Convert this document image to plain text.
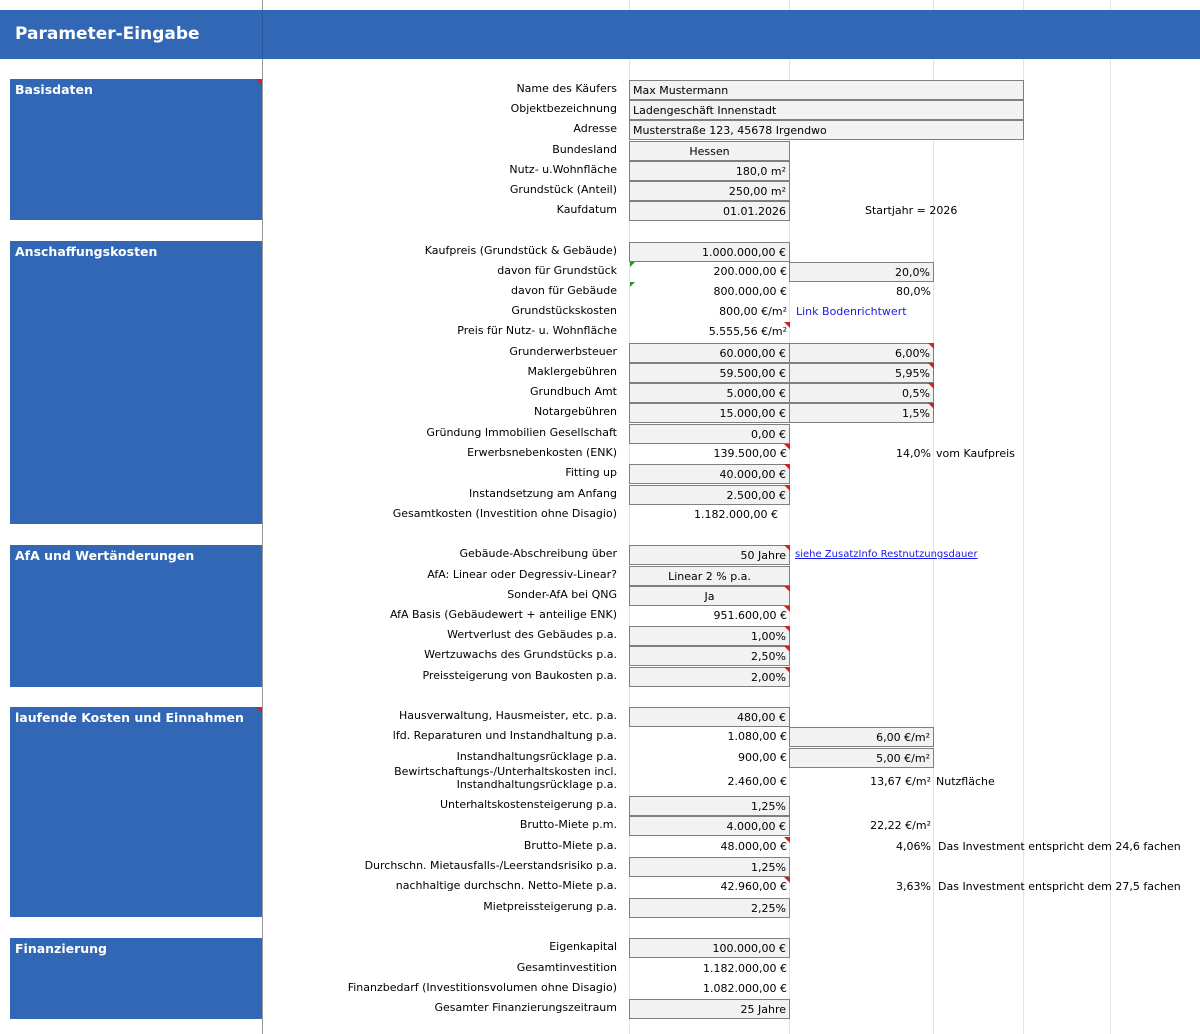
Parameter-Eingabe
Basisdaten
Anschaffungskosten
AfA und Wertänderungen
laufende Kosten und Einnahmen
Finanzierung
Name des Käufers	Max Mustermann
Objektbezeichnung	Ladengeschäft Innenstadt
Adresse	Musterstraße 123, 45678 Irgendwo
Bundesland	Hessen
Nutz- u.Wohnfläche	180,0 m²
Grundstück (Anteil)	250,00 m²
Kaufdatum	01.01.2026	Startjahr = 2026
Kaufpreis (Grundstück & Gebäude)	1.000.000,00 €
davon für Grundstück	200.000,00 €	20,0%
davon für Gebäude	800.000,00 €	80,0%
Grundstückskosten	800,00 €/m² Link Bodenrichtwert
Preis für Nutz- u. Wohnfläche	5.555,56 €/m²
Grunderwerbsteuer	60.000,00 €	6,00%
Maklergebühren	59.500,00 €	5,95%
Grundbuch Amt	5.000,00 €	0,5%
Notargebühren	15.000,00 €	1,5%
Gründung Immobilien Gesellschaft	0,00 €
Erwerbsnebenkosten (ENK)	139.500,00 €	14,0% vom Kaufpreis
Fitting up	40.000,00 €
Instandsetzung am Anfang	2.500,00 €
Gesamtkosten (Investition ohne Disagio)	1.182.000,00 €
Gebäude-Abschreibung über	50 Jahre siehe ZusatzInfo Restnutzungsdauer
AfA: Linear oder Degressiv-Linear?	Linear 2 % p.a.
Sonder-AfA bei QNG	Ja
AfA Basis (Gebäudewert + anteilige ENK)	951.600,00 €
Wertverlust des Gebäudes p.a.	1,00%
Wertzuwachs des Grundstücks p.a.	2,50%
Preissteigerung von Baukosten p.a.	2,00%
Hausverwaltung, Hausmeister, etc. p.a.	480,00 €
lfd. Reparaturen und Instandhaltung p.a.	1.080,00 €	6,00 €/m²
Instandhaltungsrücklage p.a.	900,00 €	5,00 €/m²
Bewirtschaftungs-/Unterhaltskosten incl.
Instandhaltungsrücklage p.a.	2.460,00 €	13,67 €/m² Nutzfläche
Unterhaltskostensteigerung p.a.	1,25%
Brutto-Miete p.m.	4.000,00 €	22,22 €/m²
Brutto-Miete p.a.	48.000,00 €	4,06% Das Investment entspricht dem 24,6 fachen
Durchschn. Mietausfalls-/Leerstandsrisiko p.a.	1,25%
nachhaltige durchschn. Netto-Miete p.a.	42.960,00 €	3,63% Das Investment entspricht dem 27,5 fachen
Mietpreissteigerung p.a.	2,25%
Eigenkapital	100.000,00 €
Gesamtinvestition	1.182.000,00 €
Finanzbedarf (Investitionsvolumen ohne Disagio)	1.082.000,00 €
Gesamter Finanzierungszeitraum	25 Jahre
